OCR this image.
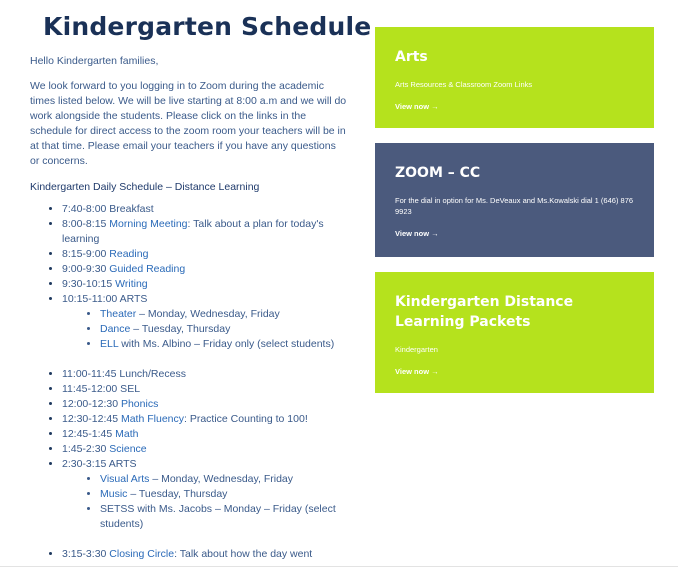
Kindergarten Schedule

Hello Kindergarten families,

We look forward to you logging in to Zoom during the academic times listed below. We will be live starting at 8:00 a.m and we will do work alongside the students. Please click on the links in the schedule for direct access to the zoom room your teachers will be in at that time. Please email your teachers if you have any questions or concerns.

Kindergarten Daily Schedule – Distance Learning

• 7:40-8:00 Breakfast
• 8:00-8:15 Morning Meeting: Talk about a plan for today's learning
• 8:15-9:00 Reading
• 9:00-9:30 Guided Reading
• 9:30-10:15 Writing
• 10:15-11:00 ARTS
• Theater – Monday, Wednesday, Friday
• Dance – Tuesday, Thursday
• ELL with Ms. Albino – Friday only (select students)
• 11:00-11:45 Lunch/Recess
• 11:45-12:00 SEL
• 12:00-12:30 Phonics
• 12:30-12:45 Math Fluency: Practice Counting to 100!
• 12:45-1:45 Math
• 1:45-2:30 Science
• 2:30-3:15 ARTS
• Visual Arts – Monday, Wednesday, Friday
• Music – Tuesday, Thursday
• SETSS with Ms. Jacobs – Monday – Friday (select students)
• 3:15-3:30 Closing Circle: Talk about how the day went
Arts

Arts Resources & Classroom Zoom Links

View now →
ZOOM – CC

For the dial in option for Ms. DeVeaux and Ms.Kowalski dial 1 (646) 876 9923

View now →
Kindergarten Distance Learning Packets

Kindergarten

View now →
